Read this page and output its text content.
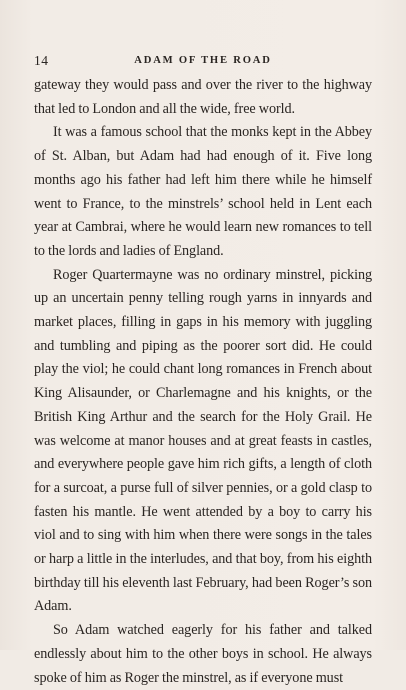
14	ADAM OF THE ROAD

gateway they would pass and over the river to the highway that led to London and all the wide, free world.

It was a famous school that the monks kept in the Abbey of St. Alban, but Adam had had enough of it. Five long months ago his father had left him there while he himself went to France, to the minstrels’ school held in Lent each year at Cambrai, where he would learn new romances to tell to the lords and ladies of England.

Roger Quartermayne was no ordinary minstrel, picking up an uncertain penny telling rough yarns in innyards and market places, filling in gaps in his memory with juggling and tumbling and piping as the poorer sort did. He could play the viol; he could chant long romances in French about King Alisaunder, or Charlemagne and his knights, or the British King Arthur and the search for the Holy Grail. He was welcome at manor houses and at great feasts in castles, and everywhere people gave him rich gifts, a length of cloth for a surcoat, a purse full of silver pennies, or a gold clasp to fasten his mantle. He went attended by a boy to carry his viol and to sing with him when there were songs in the tales or harp a little in the interludes, and that boy, from his eighth birthday till his eleventh last February, had been Roger’s son Adam.

So Adam watched eagerly for his father and talked endlessly about him to the other boys in school. He always spoke of him as Roger the minstrel, as if everyone must
